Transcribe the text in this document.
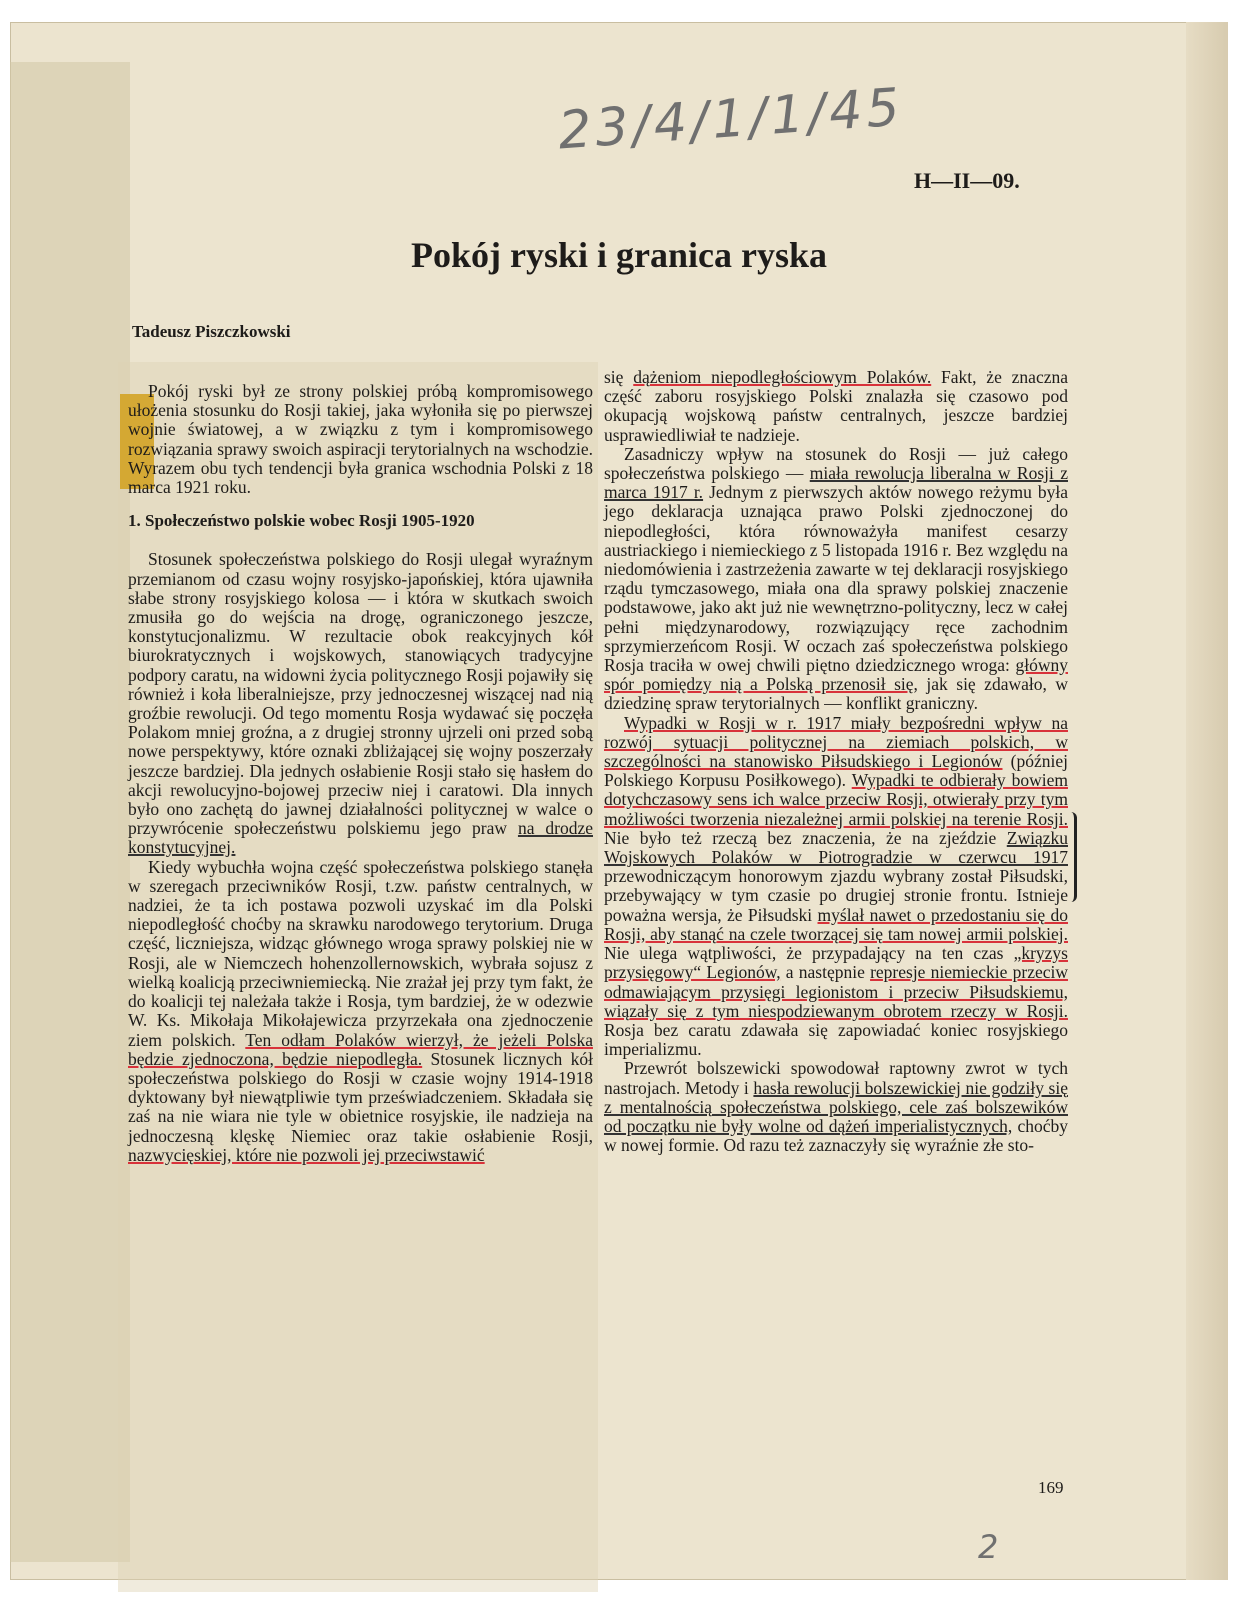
23/4/1/1/45
H—II—09.
Pokój ryski i granica ryska
Tadeusz Piszczkowski

Pokój ryski był ze strony polskiej próbą kompromisowego ułożenia stosunku do Rosji takiej, jaka wyłoniła się po pierwszej wojnie światowej, a w związku z tym i kompromisowego rozwiązania sprawy swoich aspiracji terytorialnych na wschodzie. Wyrazem obu tych tendencji była granica wschodnia Polski z 18 marca 1921 roku.

1. Społeczeństwo polskie wobec Rosji 1905-1920

Stosunek społeczeństwa polskiego do Rosji ulegał wyraźnym przemianom od czasu wojny rosyjsko-japońskiej, która ujawniła słabe strony rosyjskiego kolosa — i która w skutkach swoich zmusiła go do wejścia na drogę, ograniczonego jeszcze, konstytucjonalizmu. W rezultacie obok reakcyjnych kół biurokratycznych i wojskowych, stanowiących tradycyjne podpory caratu, na widowni życia politycznego Rosji pojawiły się również i koła liberalniejsze, przy jednoczesnej wiszącej nad nią groźbie rewolucji. Od tego momentu Rosja wydawać się poczęła Polakom mniej groźna, a z drugiej stronny ujrzeli oni przed sobą nowe perspektywy, które oznaki zbliżającej się wojny poszerzały jeszcze bardziej. Dla jednych osłabienie Rosji stało się hasłem do akcji rewolucyjno-bojowej przeciw niej i caratowi. Dla innych było ono zachętą do jawnej działalności politycznej w walce o przywrócenie społeczeństwu polskiemu jego praw na drodze konstytucyjnej.

Kiedy wybuchła wojna część społeczeństwa polskiego stanęła w szeregach przeciwników Rosji, t.zw. państw centralnych, w nadziei, że ta ich postawa pozwoli uzyskać im dla Polski niepodległość choćby na skrawku narodowego terytorium. Druga część, liczniejsza, widząc głównego wroga sprawy polskiej nie w Rosji, ale w Niemczech hohenzollernowskich, wybrała sojusz z wielką koalicją przeciwniemiecką. Nie zrażał jej przy tym fakt, że do koalicji tej należała także i Rosja, tym bardziej, że w odezwie W. Ks. Mikołaja Mikołajewicza przyrzekała ona zjednoczenie ziem polskich. Ten odłam Polaków wierzył, że jeżeli Polska będzie zjednoczona, będzie niepodległa. Stosunek licznych kół społeczeństwa polskiego do Rosji w czasie wojny 1914-1918 dyktowany był niewątpliwie tym przeświadczeniem. Składała się zaś na nie wiara nie tyle w obietnice rosyjskie, ile nadzieja na jednoczesną klęskę Niemiec oraz takie osłabienie Rosji, nazwycięskiej, które nie pozwoli jej przeciwstawić

się dążeniom niepodległościowym Polaków. Fakt, że znaczna część zaboru rosyjskiego Polski znalazła się czasowo pod okupacją wojskową państw centralnych, jeszcze bardziej usprawiedliwiał te nadzieje.

Zasadniczy wpływ na stosunek do Rosji — już całego społeczeństwa polskiego — miała rewolucja liberalna w Rosji z marca 1917 r. Jednym z pierwszych aktów nowego reżymu była jego deklaracja uznająca prawo Polski zjednoczonej do niepodległości, która równoważyła manifest cesarzy austriackiego i niemieckiego z 5 listopada 1916 r. Bez względu na niedomówienia i zastrzeżenia zawarte w tej deklaracji rosyjskiego rządu tymczasowego, miała ona dla sprawy polskiej znaczenie podstawowe, jako akt już nie wewnętrzno-polityczny, lecz w całej pełni międzynarodowy, rozwiązujący ręce zachodnim sprzymierzeńcom Rosji. W oczach zaś społeczeństwa polskiego Rosja traciła w owej chwili piętno dziedzicznego wroga: główny spór pomiędzy nią a Polską przenosił się, jak się zdawało, w dziedzinę spraw terytorialnych — konflikt graniczny.

Wypadki w Rosji w r. 1917 miały bezpośredni wpływ na rozwój sytuacji politycznej na ziemiach polskich, w szczególności na stanowisko Piłsudskiego i Legionów (później Polskiego Korpusu Posiłkowego). Wypadki te odbierały bowiem dotychczasowy sens ich walce przeciw Rosji, otwierały przy tym możliwości tworzenia niezależnej armii polskiej na terenie Rosji. Nie było też rzeczą bez znaczenia, że na zjeździe Związku Wojskowych Polaków w Piotrogradzie w czerwcu 1917 przewodniczącym honorowym zjazdu wybrany został Piłsudski, przebywający w tym czasie po drugiej stronie frontu. Istnieje poważna wersja, że Piłsudski myślał nawet o przedostaniu się do Rosji, aby stanąć na czele tworzącej się tam nowej armii polskiej. Nie ulega wątpliwości, że przypadający na ten czas „kryzys przysięgowy“ Legionów, a następnie represje niemieckie przeciw odmawiającym przysięgi legionistom i przeciw Piłsudskiemu, wiązały się z tym niespodziewanym obrotem rzeczy w Rosji. Rosja bez caratu zdawała się zapowiadać koniec rosyjskiego imperializmu.

Przewrót bolszewicki spowodował raptowny zwrot w tych nastrojach. Metody i hasła rewolucji bolszewickiej nie godziły się z mentalnością społeczeństwa polskiego, cele zaś bolszewików od początku nie były wolne od dążeń imperialistycznych, choćby w nowej formie. Od razu też zaznaczyły się wyraźnie złe sto-

169
2
